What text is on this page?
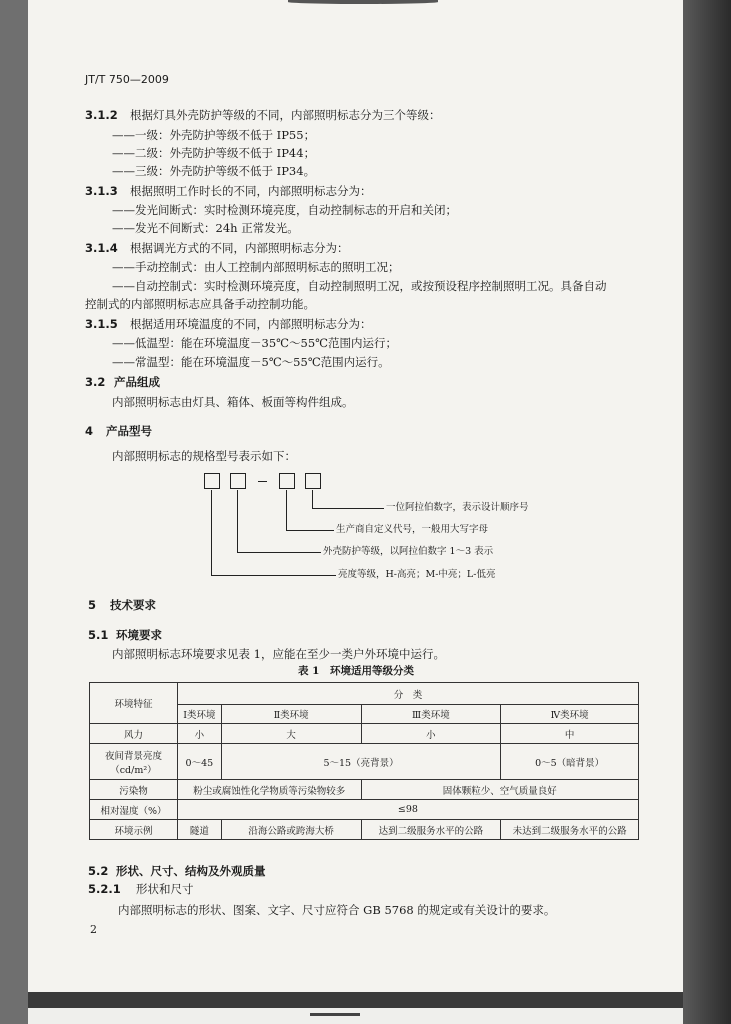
JT/T 750—2009
3.1.2 根据灯具外壳防护等级的不同，内部照明标志分为三个等级：
——一级：外壳防护等级不低于 IP55；
——二级：外壳防护等级不低于 IP44；
——三级：外壳防护等级不低于 IP34。
3.1.3 根据照明工作时长的不同，内部照明标志分为：
——发光间断式：实时检测环境亮度，自动控制标志的开启和关闭；
——发光不间断式：24h 正常发光。
3.1.4 根据调光方式的不同，内部照明标志分为：
——手动控制式：由人工控制内部照明标志的照明工况；
——自动控制式：实时检测环境亮度，自动控制照明工况，或按预设程序控制照明工况。具备自动
控制式的内部照明标志应具备手动控制功能。
3.1.5 根据适用环境温度的不同，内部照明标志分为：
——低温型：能在环境温度－35℃～55℃范围内运行；
——常温型：能在环境温度－5℃～55℃范围内运行。
3.2 产品组成
内部照明标志由灯具、箱体、板面等构件组成。
4 产品型号
内部照明标志的规格型号表示如下：
一位阿拉伯数字，表示设计顺序号
生产商自定义代号，一般用大写字母
外壳防护等级，以阿拉伯数字 1～3 表示
亮度等级，H-高亮；M-中亮；L-低亮
5 技术要求
5.1 环境要求
内部照明标志环境要求见表 1，应能在至少一类户外环境中运行。
表 1　环境适用等级分类
环境特征	分　类			
	Ⅰ类环境	Ⅱ类环境	Ⅲ类环境	Ⅳ类环境
风力	小	大	小	中

夜间背景亮度
（cd/m²）	0～45	5～15（亮背景）		0～5（暗背景）
污染物	粉尘或腐蚀性化学物质等污染物较多		固体颗粒少、空气质量良好	
相对湿度（%）	≤98			
环境示例	隧道	沿海公路或跨海大桥	达到二级服务水平的公路	未达到二级服务水平的公路
5.2 形状、尺寸、结构及外观质量
5.2.1 形状和尺寸
内部照明标志的形状、图案、文字、尺寸应符合 GB 5768 的规定或有关设计的要求。
2
